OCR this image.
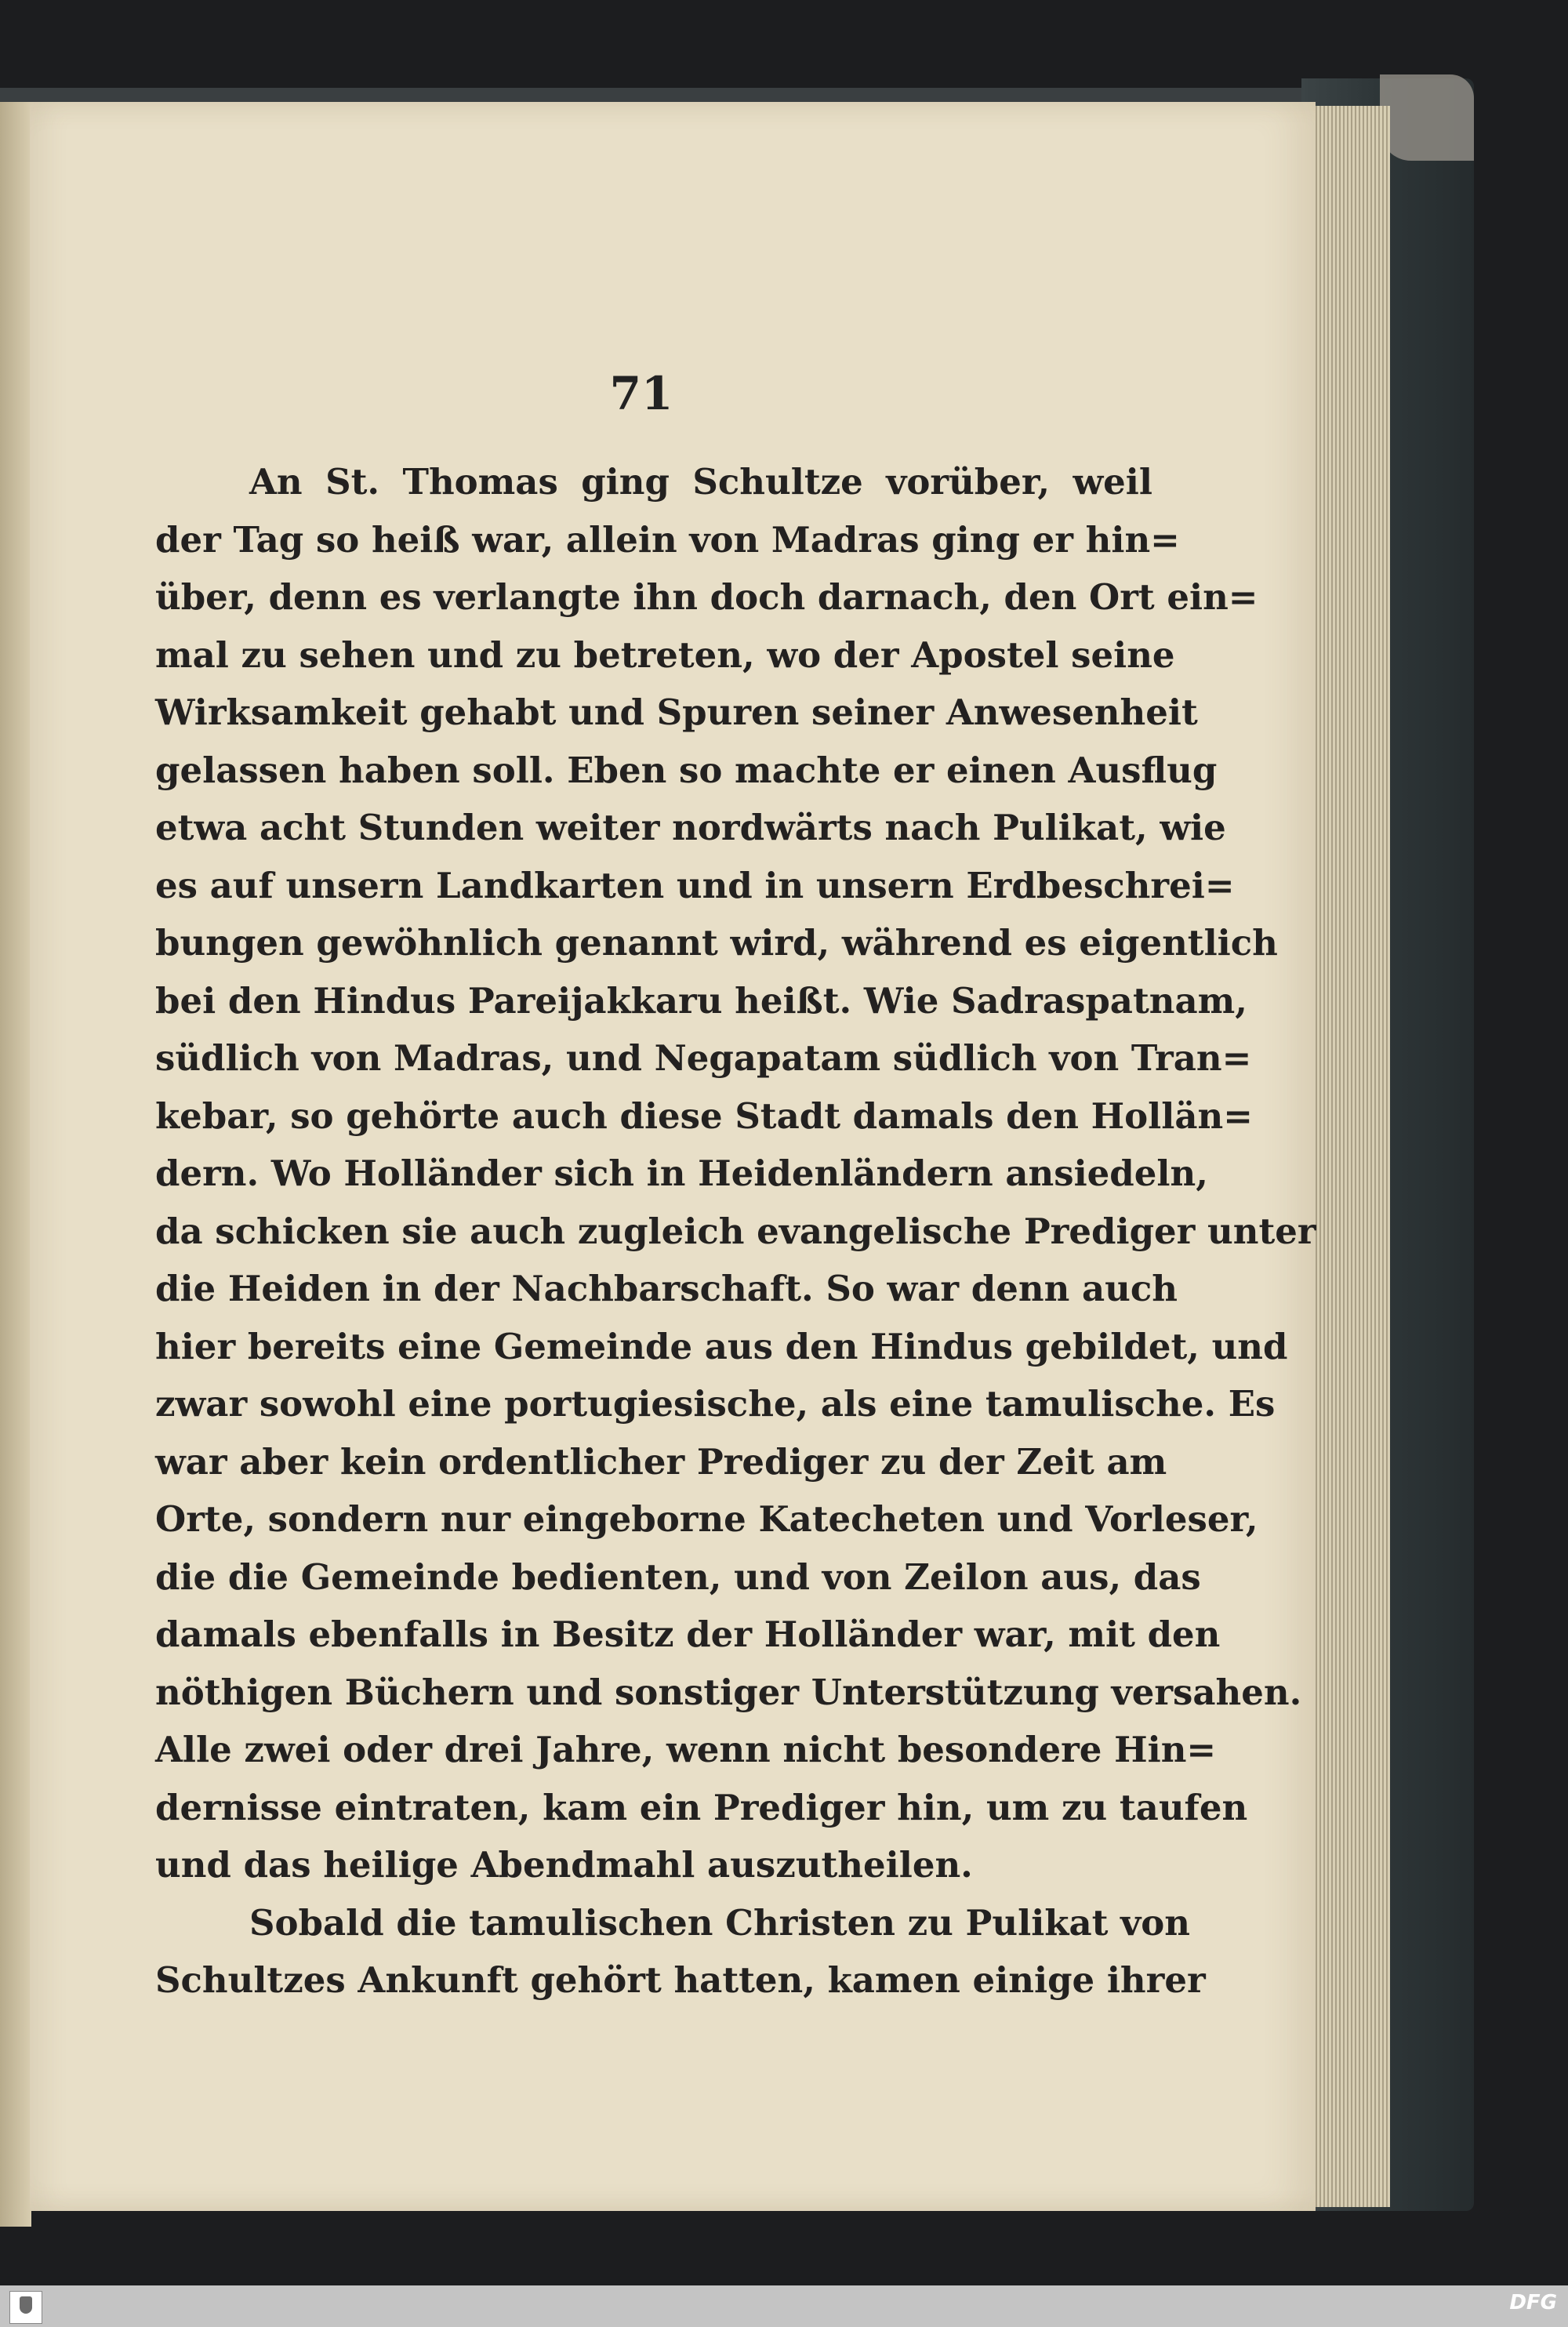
71
An St. Thomas ging Schultze vorüber, weil
der Tag so heiß war, allein von Madras ging er hin=
über, denn es verlangte ihn doch darnach, den Ort ein=
mal zu sehen und zu betreten, wo der Apostel seine
Wirksamkeit gehabt und Spuren seiner Anwesenheit
gelassen haben soll. Eben so machte er einen Ausflug
etwa acht Stunden weiter nordwärts nach Pulikat, wie
es auf unsern Landkarten und in unsern Erdbeschrei=
bungen gewöhnlich genannt wird, während es eigentlich
bei den Hindus Pareijakkaru heißt. Wie Sadraspatnam,
südlich von Madras, und Negapatam südlich von Tran=
kebar, so gehörte auch diese Stadt damals den Hollän=
dern. Wo Holländer sich in Heidenländern ansiedeln,
da schicken sie auch zugleich evangelische Prediger unter
die Heiden in der Nachbarschaft. So war denn auch
hier bereits eine Gemeinde aus den Hindus gebildet, und
zwar sowohl eine portugiesische, als eine tamulische. Es
war aber kein ordentlicher Prediger zu der Zeit am
Orte, sondern nur eingeborne Katecheten und Vorleser,
die die Gemeinde bedienten, und von Zeilon aus, das
damals ebenfalls in Besitz der Holländer war, mit den
nöthigen Büchern und sonstiger Unterstützung versahen.
Alle zwei oder drei Jahre, wenn nicht besondere Hin=
dernisse eintraten, kam ein Prediger hin, um zu taufen
und das heilige Abendmahl auszutheilen.
Sobald die tamulischen Christen zu Pulikat von
Schultzes Ankunft gehört hatten, kamen einige ihrer
DFG
